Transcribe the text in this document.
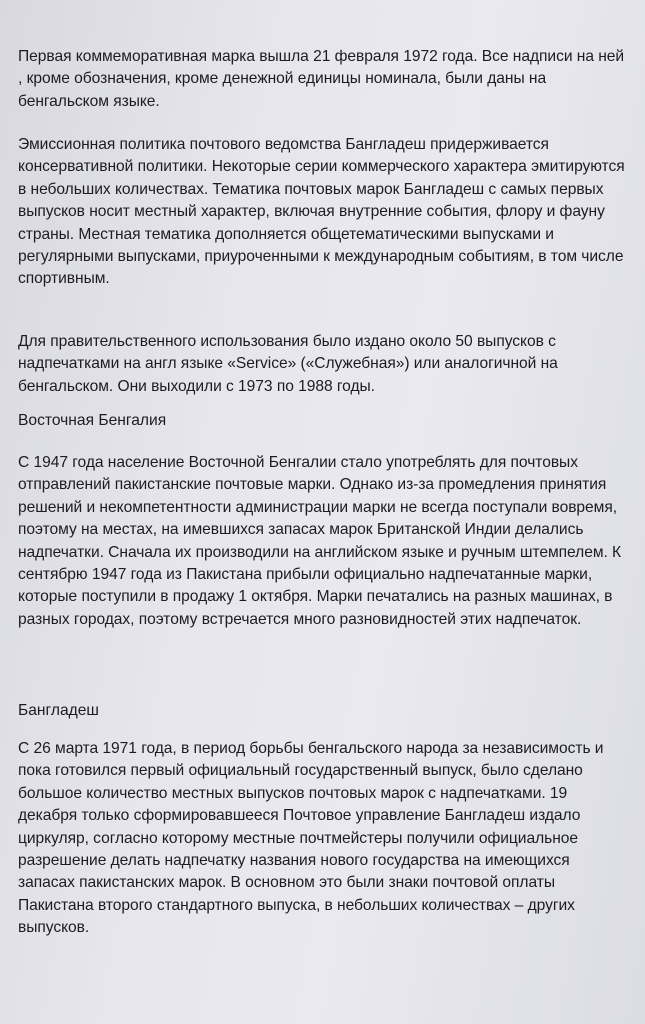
Первая коммеморативная марка вышла 21 февраля 1972 года. Все надписи на ней , кроме обозначения, кроме денежной единицы номинала, были даны на бенгальском языке.

Эмиссионная политика почтового ведомства Бангладеш придерживается консервативной политики. Некоторые серии коммерческого характера эмитируются в небольших количествах. Тематика почтовых марок Бангладеш с самых первых выпусков носит местный характер, включая внутренние события, флору и фауну страны. Местная тематика дополняется общетематическими выпусками и регулярными выпусками, приуроченными к международным событиям, в том числе спортивным.

Для правительственного использования было издано около 50 выпусков с надпечатками на англ языке «Service» («Служебная») или аналогичной на бенгальском. Они выходили с 1973 по 1988 годы.

Восточная Бенгалия

С 1947 года население Восточной Бенгалии стало употреблять для почтовых отправлений пакистанские почтовые марки. Однако из-за промедления принятия решений и некомпетентности администрации марки не всегда поступали вовремя, поэтому на местах, на имевшихся запасах марок Британской Индии делались надпечатки. Сначала их производили на английском языке и ручным штемпелем. К сентябрю 1947 года из Пакистана прибыли официально надпечатанные марки, которые поступили в продажу 1 октября. Марки печатались на разных машинах, в разных городах, поэтому встречается много разновидностей этих надпечаток.

Бангладеш

С 26 марта 1971 года, в период борьбы бенгальского народа за независимость и пока готовился первый официальный государственный выпуск, было сделано большое количество местных выпусков почтовых марок с надпечатками. 19 декабря только сформировавшееся Почтовое управление Бангладеш издало циркуляр, согласно которому местные почтмейстеры получили официальное разрешение делать надпечатку названия нового государства на имеющихся запасах пакистанских марок. В основном это были знаки почтовой оплаты Пакистана второго стандартного выпуска, в небольших количествах – других выпусков.
